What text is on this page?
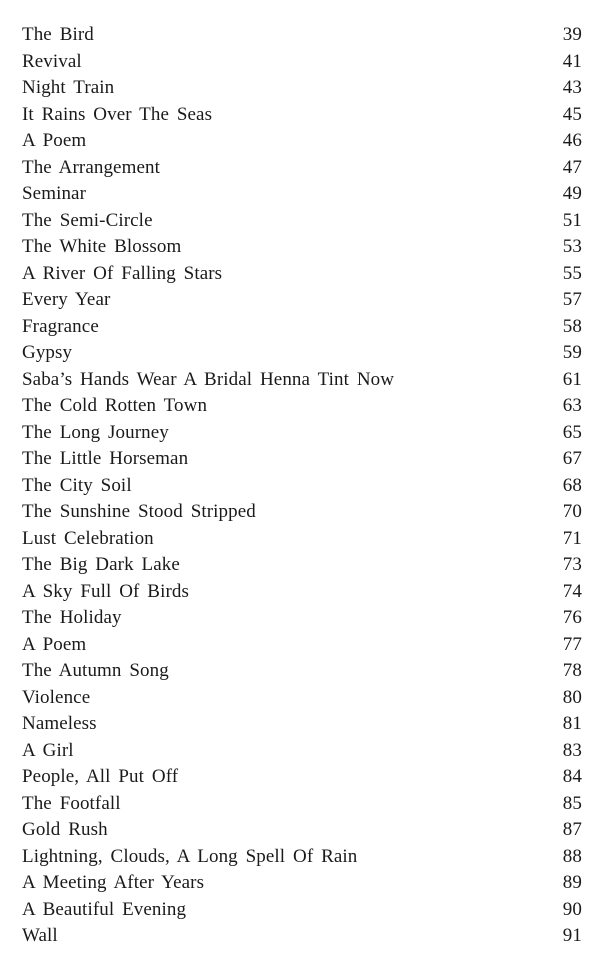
The Bird	39
Revival	41
Night Train	43
It Rains Over The Seas	45
A Poem	46
The Arrangement	47
Seminar	49
The Semi-Circle	51
The White Blossom	53
A River Of Falling Stars	55
Every Year	57
Fragrance	58
Gypsy	59
Saba’s Hands Wear A Bridal Henna Tint Now	61
The Cold Rotten Town	63
The Long Journey	65
The Little Horseman	67
The City Soil	68
The Sunshine Stood Stripped	70
Lust Celebration	71
The Big Dark Lake	73
A Sky Full Of Birds	74
The Holiday	76
A Poem	77
The Autumn Song	78
Violence	80
Nameless	81
A Girl	83
People, All Put Off	84
The Footfall	85
Gold Rush	87
Lightning, Clouds, A Long Spell Of Rain	88
A Meeting After Years	89
A Beautiful Evening	90
Wall	91
